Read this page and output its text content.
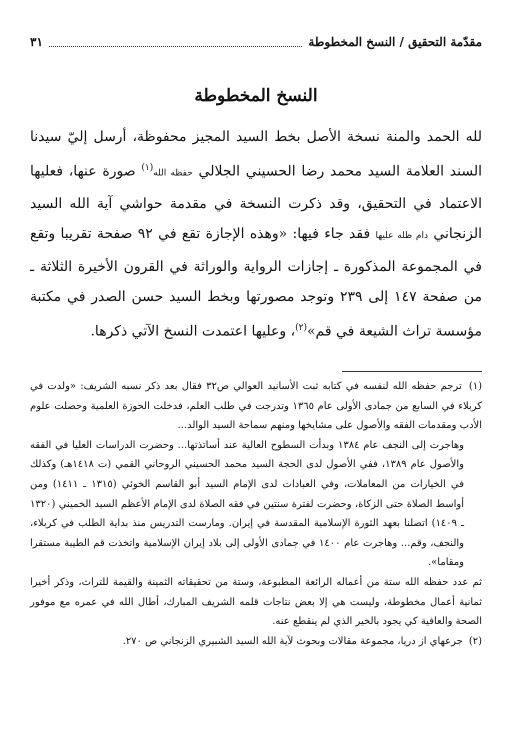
مقدّمة التحقيق / النسخ المخطوطة
٣١
النسخ المخطوطة

لله الحمد والمنة نسخة الأصل بخط السيد المجيز محفوظة، أرسل إليّ سيدنا السند العلامة السيد محمد رضا الحسيني الجلالي حفظه الله$^{(١)}$ صورة عنها، فعليها الاعتماد في التحقيق، وقد ذكرت النسخة في مقدمة حواشي آية الله السيد الزنجاني دام ظله عليها فقد جاء فيها: «وهذه الإجازة تقع في ٩٢ صفحة تقريبا وتقع في المجموعة المذكورة ـ إجازات الرواية والوراثة في القرون الأخيرة الثلاثة ـ من صفحة ١٤٧ إلى ٢٣٩ وتوجد مصورتها وبخط السيد حسن الصدر في مكتبة مؤسسة تراث الشيعة في قم»$^{(٢)}$، وعليها اعتمدت النسخ الآتي ذكرها.

(١) ترجم حفظه الله لنفسه في كتابه ثبت الأسانيد العوالي ص٣٢ فقال بعد ذكر نسبه الشريف: «ولدت في كربلاء في السابع من جمادى الأولى عام ١٣٦٥ وتدرجت في طلب العلم، فدخلت الحوزة العلمية وحصلت علوم الأدب ومقدمات الفقه والأصول على مشايخها ومنهم سماحة السيد الوالد...

وهاجرت إلى النجف عام ١٣٨٤ وبدأت السطوح العالية عند أساتذتها... وحضرت الدراسات العليا في الفقه والأصول عام ١٣٨٩، ففي الأصول لدى الحجة السيد محمد الحسيني الروحاني القمي (ت ١٤١٨هـ) وكذلك في الخيارات من المعاملات، وفي العبادات لدى الإمام السيد أبو القاسم الخوئي (١٣١٥ ـ ١٤١١) ومن أواسط الصلاة حتى الزكاة، وحضرت لفترة سنتين في فقه الصلاة لدى الإمام الأعظم السيد الخميني (١٣٢٠ ـ ١٤٠٩) اتصلنا بعهد الثورة الإسلامية المقدسة في إيران. ومارست التدريس منذ بداية الطلب في كربلاء، والنجف، وقم... وهاجرت عام ١٤٠٠ في جمادى الأولى إلى بلاد إيران الإسلامية واتخذت قم الطيبة مستقرا ومقاما».

ثم عدد حفظه الله ستة من أعماله الرائعة المطبوعة، وستة من تحقيقاته الثمينة والقيمة للتراث، وذكر أخيرا ثمانية أعمال مخطوطة، وليست هي إلا بعض نتاجات قلمه الشريف المبارك، أطال الله في عمره مع موفور الصحة والعافية كي يجود بالخير الذي لم ينقطع عنه.

(٢) جرعهاي از دريا، مجموعة مقالات وبحوث لآية الله السيد الشبيري الزنجاني ص ٢٧٠.
